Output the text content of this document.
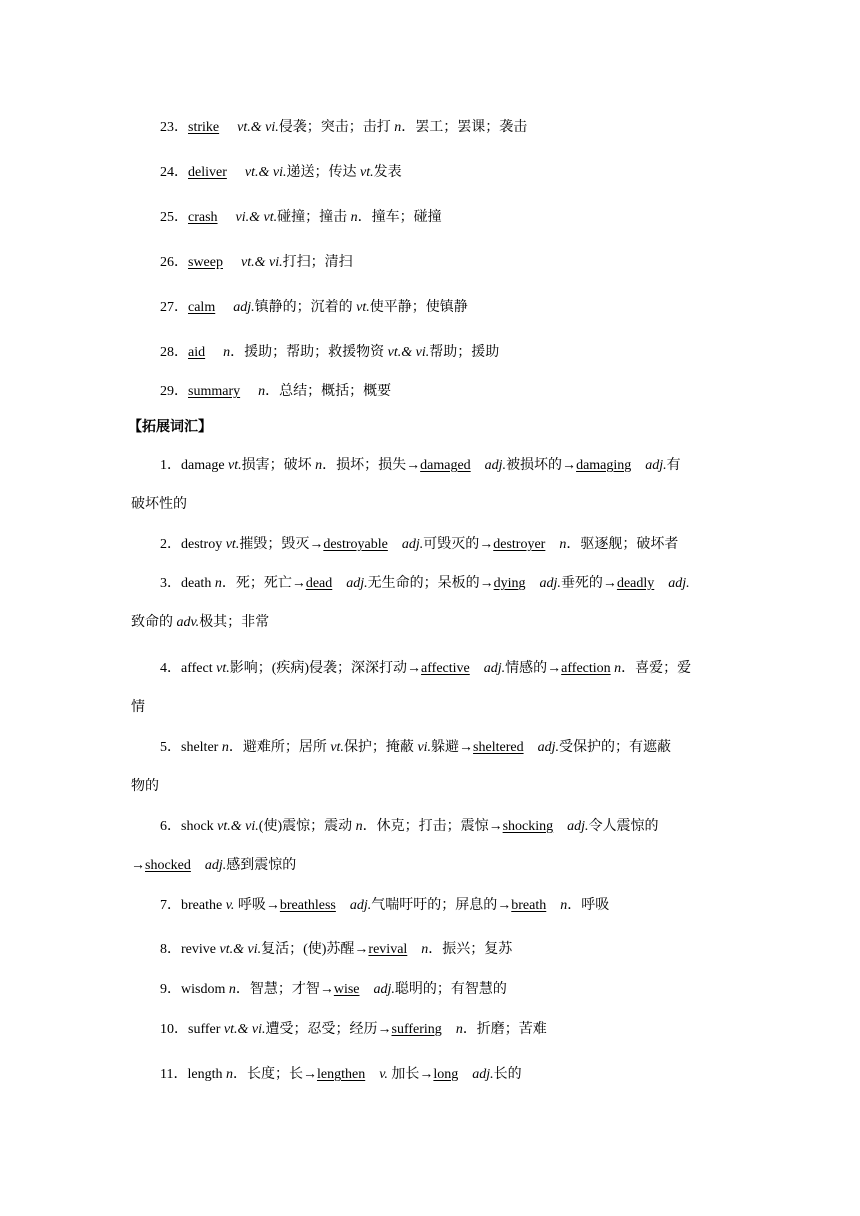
23．strike vt.& vi.侵袭；突击；击打 n．罢工；罢课；袭击
24．deliver vt.& vi.递送；传达 vt.发表
25．crash vi.& vt.碰撞；撞击 n．撞车；碰撞
26．sweep vt.& vi.打扫；清扫
27．calm adj.镇静的；沉着的 vt.使平静；使镇静
28．aid n．援助；帮助；救援物资 vt.& vi.帮助；援助
29．summary n．总结；概括；概要
【拓展词汇】
1．damage vt.损害；破坏 n．损坏；损失→damaged adj.被损坏的→damaging adj.有
破坏性的
2．destroy vt.摧毁；毁灭→destroyable adj.可毁灭的→destroyer n．驱逐舰；破坏者
3．death n．死；死亡→dead adj.无生命的；呆板的→dying adj.垂死的→deadly adj.
致命的 adv.极其；非常
4．affect vt.影响；(疾病)侵袭；深深打动→affective adj.情感的→affection n．喜爱；爱
情
5．shelter n．避难所；居所 vt.保护；掩蔽 vi.躲避→sheltered adj.受保护的；有遮蔽
物的
6．shock vt.& vi.(使)震惊；震动 n．休克；打击；震惊→shocking adj.令人震惊的
→shocked adj.感到震惊的
7．breathe v. 呼吸→breathless adj.气喘吁吁的；屏息的→breath n．呼吸
8．revive vt.& vi.复活；(使)苏醒→revival n．振兴；复苏
9．wisdom n．智慧；才智→wise adj.聪明的；有智慧的
10．suffer vt.& vi.遭受；忍受；经历→suffering n．折磨；苦难
11．length n．长度；长→lengthen v. 加长→long adj.长的
